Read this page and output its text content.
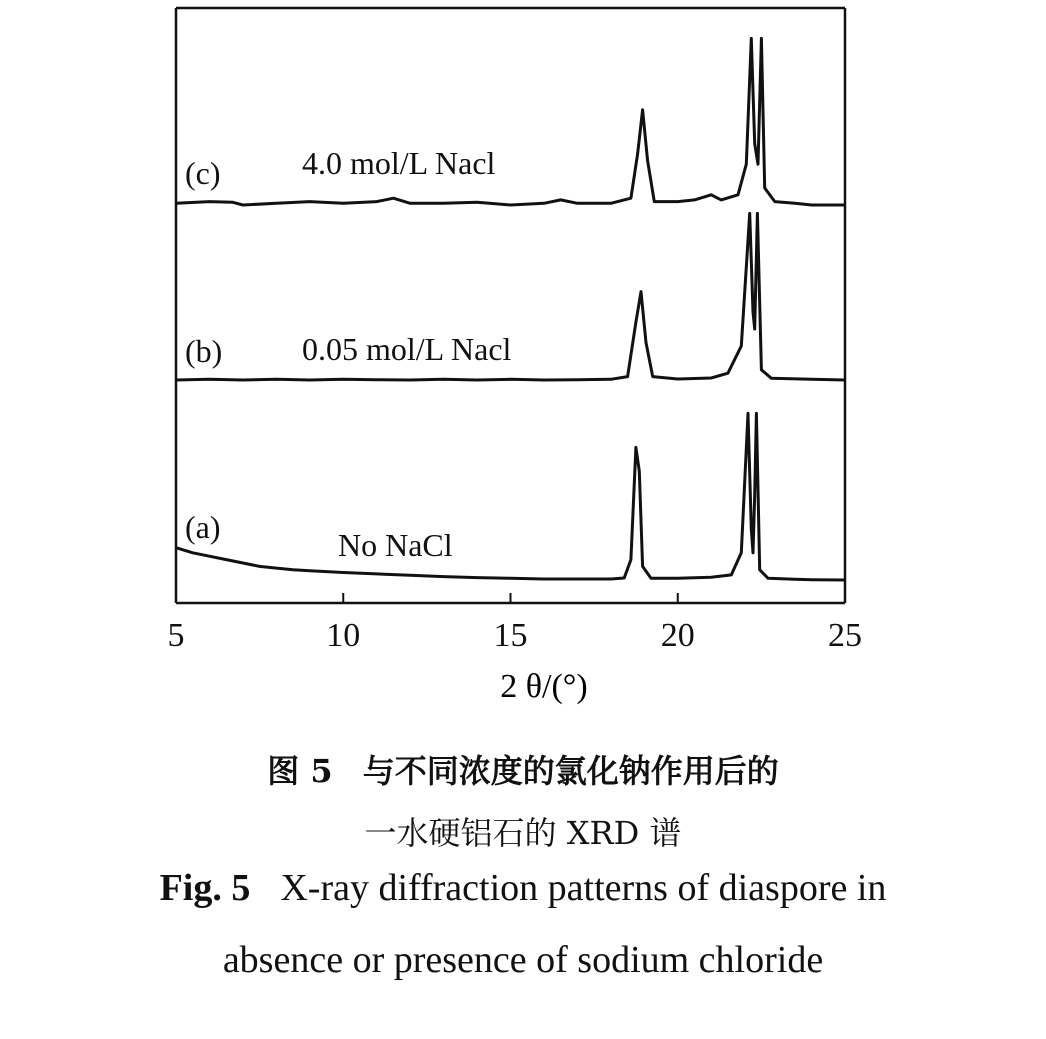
5	10	15	20	25
(a)	No NaCl
(b) 0.05 mol/L Nacl
(c)	4.0 mol/L Nacl
2 θ/(°)
图 5 与不同浓度的氯化钠作用后的
一水硬铝石的 XRD 谱
Fig. 5 X-ray diffraction patterns of diaspore in
absence or presence of sodium chloride
